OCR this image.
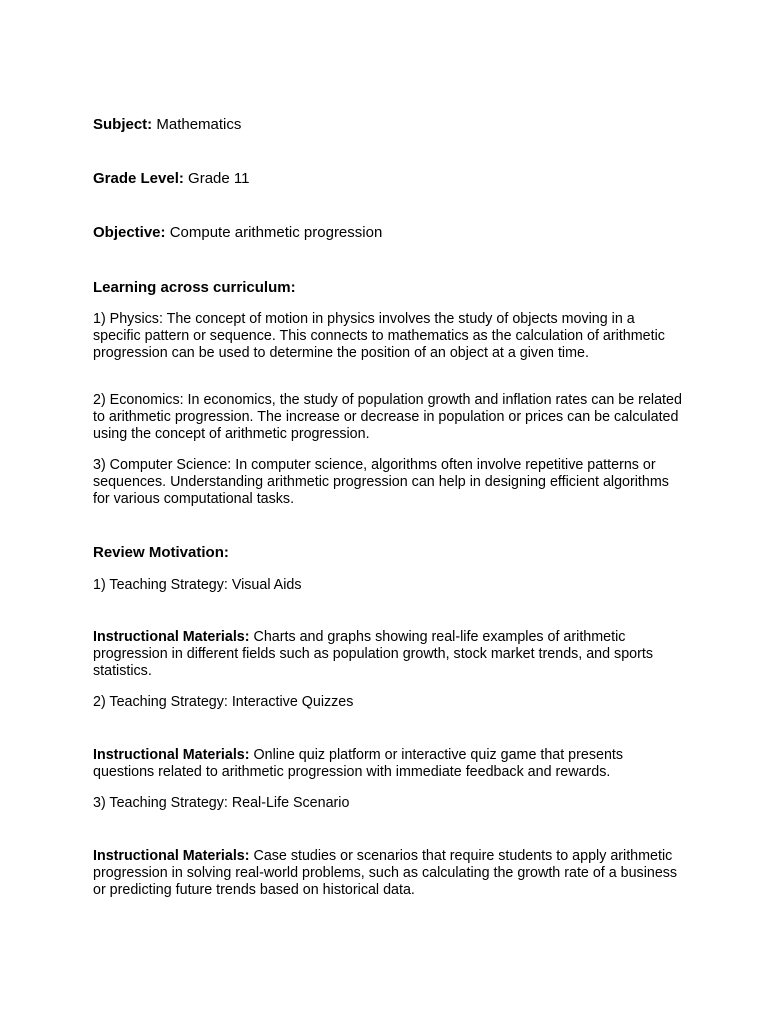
Subject: Mathematics

Grade Level: Grade 11

Objective: Compute arithmetic progression

Learning across curriculum:

1) Physics: The concept of motion in physics involves the study of objects moving in a specific pattern or sequence. This connects to mathematics as the calculation of arithmetic progression can be used to determine the position of an object at a given time.

2) Economics: In economics, the study of population growth and inflation rates can be related to arithmetic progression. The increase or decrease in population or prices can be calculated using the concept of arithmetic progression.

3) Computer Science: In computer science, algorithms often involve repetitive patterns or sequences. Understanding arithmetic progression can help in designing efficient algorithms for various computational tasks.

Review Motivation:

1) Teaching Strategy: Visual Aids

Instructional Materials: Charts and graphs showing real-life examples of arithmetic progression in different fields such as population growth, stock market trends, and sports statistics.

2) Teaching Strategy: Interactive Quizzes

Instructional Materials: Online quiz platform or interactive quiz game that presents questions related to arithmetic progression with immediate feedback and rewards.

3) Teaching Strategy: Real-Life Scenario

Instructional Materials: Case studies or scenarios that require students to apply arithmetic progression in solving real-world problems, such as calculating the growth rate of a business or predicting future trends based on historical data.
